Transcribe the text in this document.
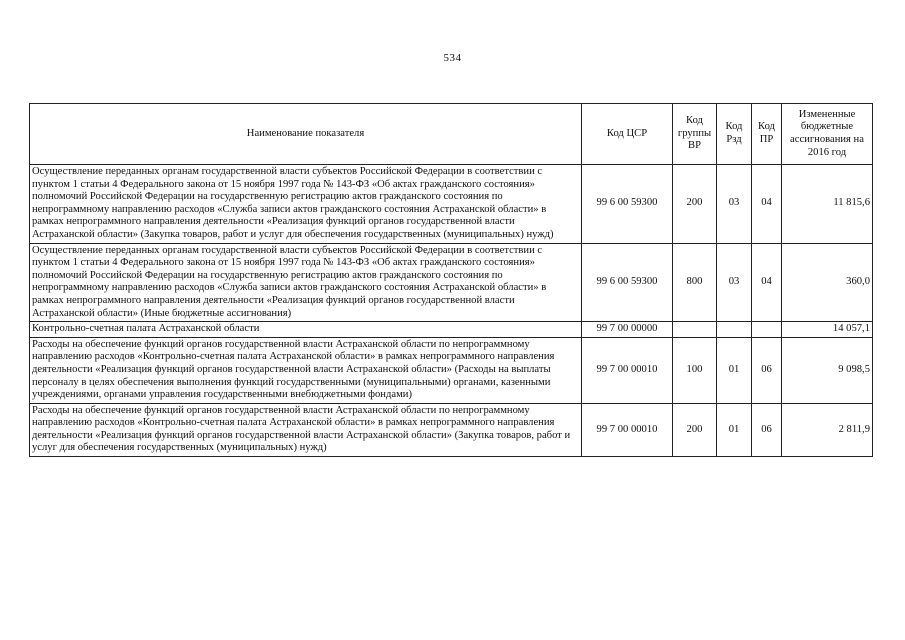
534
Наименование показателя	Код ЦСР	Код группы ВР	Код Рзд	Код ПР	Измененные бюджетные ассигнования на 2016 год
Осуществление переданных органам государственной власти субъектов Российской Федерации в соответствии с пунктом 1 статьи 4 Федерального закона от 15 ноября 1997 года № 143-ФЗ «Об актах гражданского состояния» полномочий Российской Федерации на государственную регистрацию актов гражданского состояния по непрограммному направлению расходов «Служба записи актов гражданского состояния Астраханской области» в рамках непрограммного направления деятельности «Реализация функций органов государственной власти Астраханской области» (Закупка товаров, работ и услуг для обеспечения государственных (муниципальных) нужд)	99 6 00 59300	200	03	04	11 815,6
Осуществление переданных органам государственной власти субъектов Российской Федерации в соответствии с пунктом 1 статьи 4 Федерального закона от 15 ноября 1997 года № 143-ФЗ «Об актах гражданского состояния» полномочий Российской Федерации на государственную регистрацию актов гражданского состояния по непрограммному направлению расходов «Служба записи актов гражданского состояния Астраханской области» в рамках непрограммного направления деятельности «Реализация функций органов государственной власти Астраханской области» (Иные бюджетные ассигнования)	99 6 00 59300	800	03	04	360,0
Контрольно-счетная палата Астраханской области	99 7 00 00000				14 057,1
Расходы на обеспечение функций органов государственной власти Астраханской области по непрограммному направлению расходов «Контрольно-счетная палата Астраханской области» в рамках непрограммного направления деятельности «Реализация функций органов государственной власти Астраханской области» (Расходы на выплаты персоналу в целях обеспечения выполнения функций государственными (муниципальными) органами, казенными учреждениями, органами управления государственными внебюджетными фондами)	99 7 00 00010	100	01	06	9 098,5
Расходы на обеспечение функций органов государственной власти Астраханской области по непрограммному направлению расходов «Контрольно-счетная палата Астраханской области» в рамках непрограммного направления деятельности «Реализация функций органов государственной власти Астраханской области» (Закупка товаров, работ и услуг для обеспечения государственных (муниципальных) нужд)	99 7 00 00010	200	01	06	2 811,9
